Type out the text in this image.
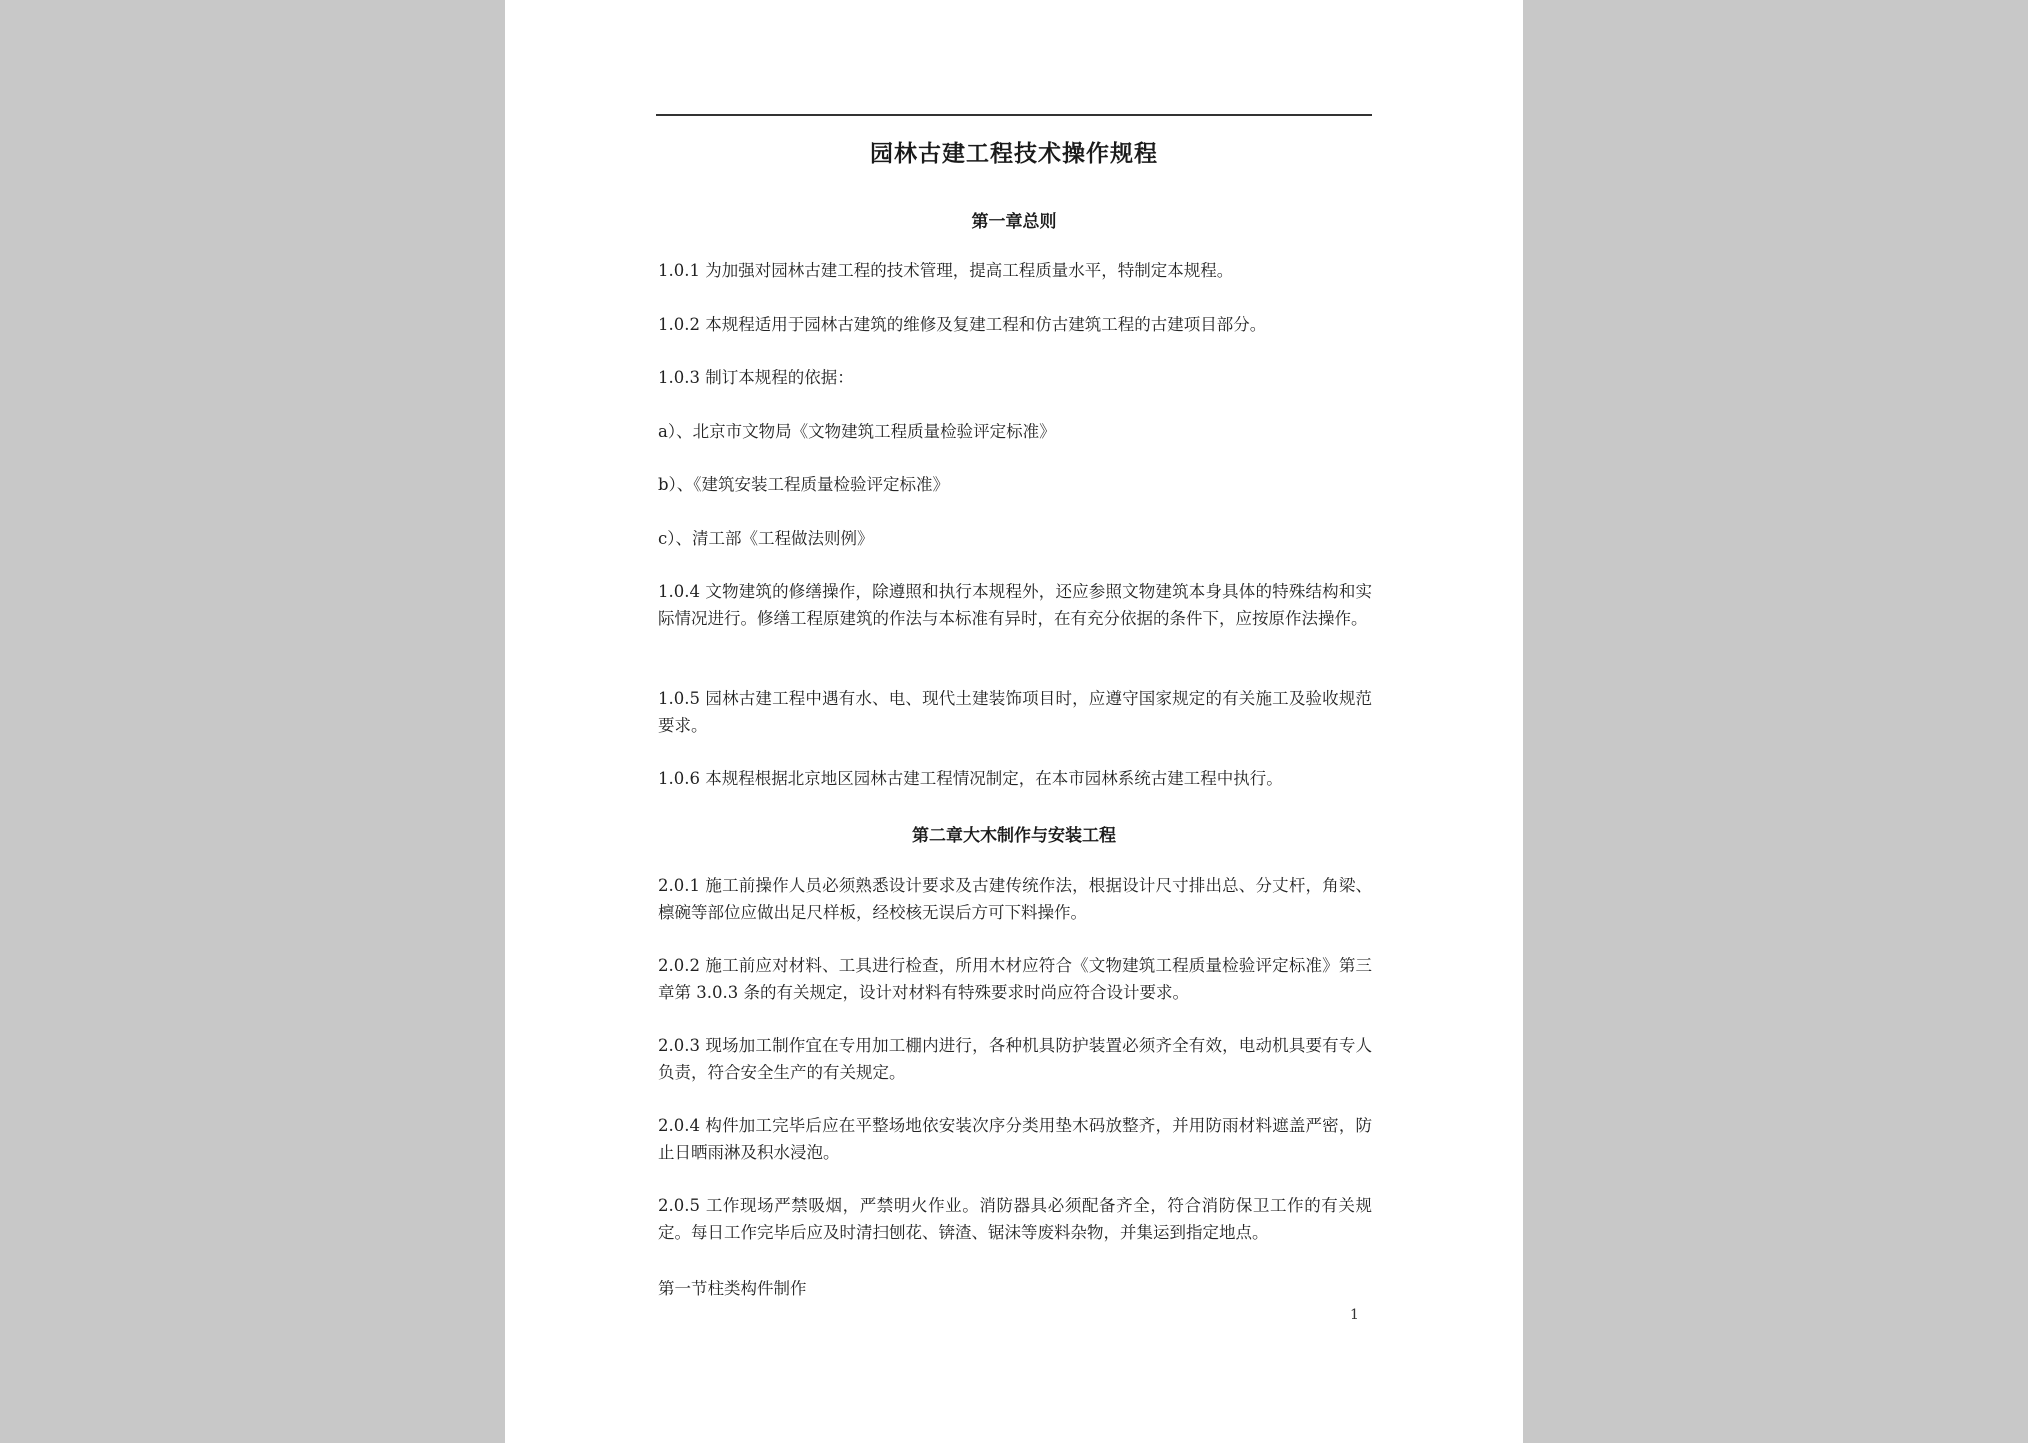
园林古建工程技术操作规程
第一章总则

1.0.1 为加强对园林古建工程的技术管理，提高工程质量水平，特制定本规程。

1.0.2 本规程适用于园林古建筑的维修及复建工程和仿古建筑工程的古建项目部分。

1.0.3 制订本规程的依据：

a）、北京市文物局《文物建筑工程质量检验评定标准》

b）、《建筑安装工程质量检验评定标准》

c）、清工部《工程做法则例》

1.0.4 文物建筑的修缮操作，除遵照和执行本规程外，还应参照文物建筑本身具体的特殊结构和实际情况进行。修缮工程原建筑的作法与本标准有异时，在有充分依据的条件下，应按原作法操作。

1.0.5 园林古建工程中遇有水、电、现代土建装饰项目时，应遵守国家规定的有关施工及验收规范要求。

1.0.6 本规程根据北京地区园林古建工程情况制定，在本市园林系统古建工程中执行。

第二章大木制作与安装工程

2.0.1 施工前操作人员必须熟悉设计要求及古建传统作法，根据设计尺寸排出总、分丈杆，角梁、檩碗等部位应做出足尺样板，经校核无误后方可下料操作。

2.0.2 施工前应对材料、工具进行检查，所用木材应符合《文物建筑工程质量检验评定标准》第三章第 3.0.3 条的有关规定，设计对材料有特殊要求时尚应符合设计要求。

2.0.3 现场加工制作宜在专用加工棚内进行，各种机具防护装置必须齐全有效，电动机具要有专人负责，符合安全生产的有关规定。

2.0.4 构件加工完毕后应在平整场地依安装次序分类用垫木码放整齐，并用防雨材料遮盖严密，防止日晒雨淋及积水浸泡。

2.0.5 工作现场严禁吸烟，严禁明火作业。消防器具必须配备齐全，符合消防保卫工作的有关规定。每日工作完毕后应及时清扫刨花、锛渣、锯沫等废料杂物，并集运到指定地点。

第一节柱类构件制作
1
